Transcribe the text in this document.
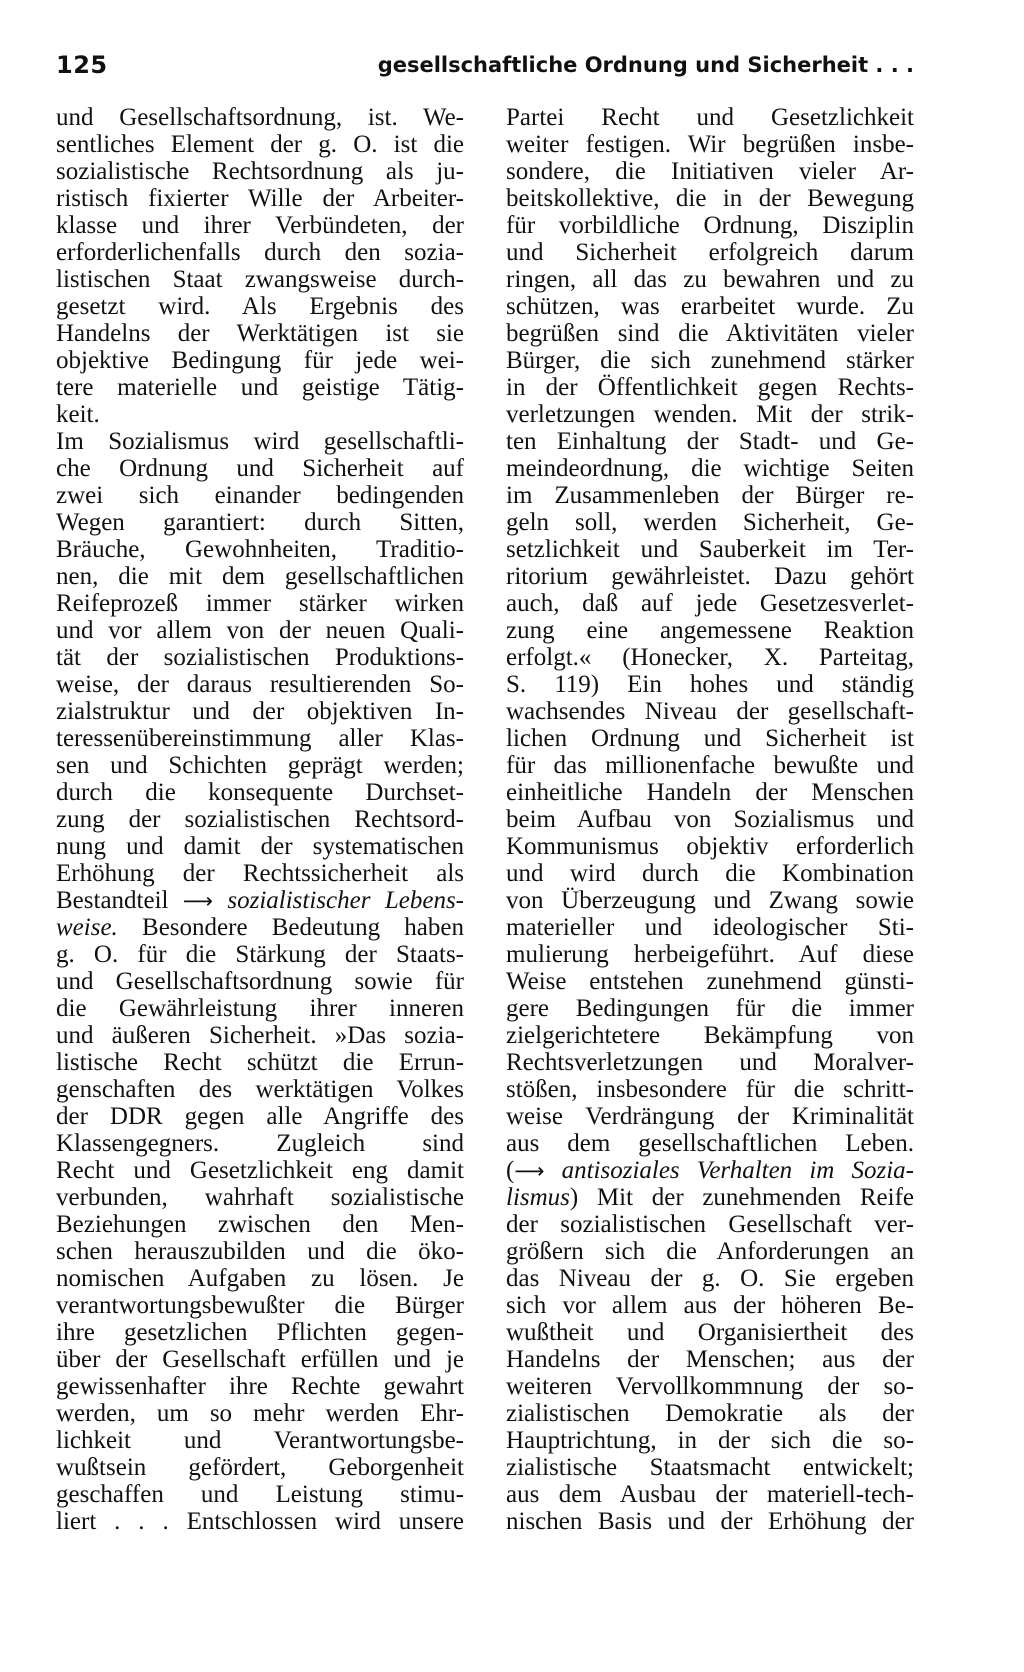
125	gesellschaftliche Ordnung und Sicherheit . . .
und Gesellschaftsordnung, ist. We-
sentliches Element der g. O. ist die
sozialistische Rechtsordnung als ju-
ristisch fixierter Wille der Arbeiter-
klasse und ihrer Verbündeten, der
erforderlichenfalls durch den sozia-
listischen Staat zwangsweise durch-
gesetzt wird. Als Ergebnis des
Handelns der Werktätigen ist sie
objektive Bedingung für jede wei-
tere materielle und geistige Tätig-
keit.
Im Sozialismus wird gesellschaftli-
che Ordnung und Sicherheit auf
zwei sich einander bedingenden
Wegen garantiert: durch Sitten,
Bräuche, Gewohnheiten, Traditio-
nen, die mit dem gesellschaftlichen
Reifeprozeß immer stärker wirken
und vor allem von der neuen Quali-
tät der sozialistischen Produktions-
weise, der daraus resultierenden So-
zialstruktur und der objektiven In-
teressenübereinstimmung aller Klas-
sen und Schichten geprägt werden;
durch die konsequente Durchset-
zung der sozialistischen Rechtsord-
nung und damit der systematischen
Erhöhung der Rechtssicherheit als
Bestandteil ⟶ sozialistischer Lebens-
weise. Besondere Bedeutung haben
g. O. für die Stärkung der Staats-
und Gesellschaftsordnung sowie für
die Gewährleistung ihrer inneren
und äußeren Sicherheit. »Das sozia-
listische Recht schützt die Errun-
genschaften des werktätigen Volkes
der DDR gegen alle Angriffe des
Klassengegners. Zugleich sind
Recht und Gesetzlichkeit eng damit
verbunden, wahrhaft sozialistische
Beziehungen zwischen den Men-
schen herauszubilden und die öko-
nomischen Aufgaben zu lösen. Je
verantwortungsbewußter die Bürger
ihre gesetzlichen Pflichten gegen-
über der Gesellschaft erfüllen und je
gewissenhafter ihre Rechte gewahrt
werden, um so mehr werden Ehr-
lichkeit und Verantwortungsbe-
wußtsein gefördert, Geborgenheit
geschaffen und Leistung stimu-
liert . . . Entschlossen wird unsere
Partei Recht und Gesetzlichkeit
weiter festigen. Wir begrüßen insbe-
sondere, die Initiativen vieler Ar-
beitskollektive, die in der Bewegung
für vorbildliche Ordnung, Disziplin
und Sicherheit erfolgreich darum
ringen, all das zu bewahren und zu
schützen, was erarbeitet wurde. Zu
begrüßen sind die Aktivitäten vieler
Bürger, die sich zunehmend stärker
in der Öffentlichkeit gegen Rechts-
verletzungen wenden. Mit der strik-
ten Einhaltung der Stadt- und Ge-
meindeordnung, die wichtige Seiten
im Zusammenleben der Bürger re-
geln soll, werden Sicherheit, Ge-
setzlichkeit und Sauberkeit im Ter-
ritorium gewährleistet. Dazu gehört
auch, daß auf jede Gesetzesverlet-
zung eine angemessene Reaktion
erfolgt.« (Honecker, X. Parteitag,
S. 119) Ein hohes und ständig
wachsendes Niveau der gesellschaft-
lichen Ordnung und Sicherheit ist
für das millionenfache bewußte und
einheitliche Handeln der Menschen
beim Aufbau von Sozialismus und
Kommunismus objektiv erforderlich
und wird durch die Kombination
von Überzeugung und Zwang sowie
materieller und ideologischer Sti-
mulierung herbeigeführt. Auf diese
Weise entstehen zunehmend günsti-
gere Bedingungen für die immer
zielgerichtetere Bekämpfung von
Rechtsverletzungen und Moralver-
stößen, insbesondere für die schritt-
weise Verdrängung der Kriminalität
aus dem gesellschaftlichen Leben.
(⟶ antisoziales Verhalten im Sozia-
lismus) Mit der zunehmenden Reife
der sozialistischen Gesellschaft ver-
größern sich die Anforderungen an
das Niveau der g. O. Sie ergeben
sich vor allem aus der höheren Be-
wußtheit und Organisiertheit des
Handelns der Menschen; aus der
weiteren Vervollkommnung der so-
zialistischen Demokratie als der
Hauptrichtung, in der sich die so-
zialistische Staatsmacht entwickelt;
aus dem Ausbau der materiell-tech-
nischen Basis und der Erhöhung der
